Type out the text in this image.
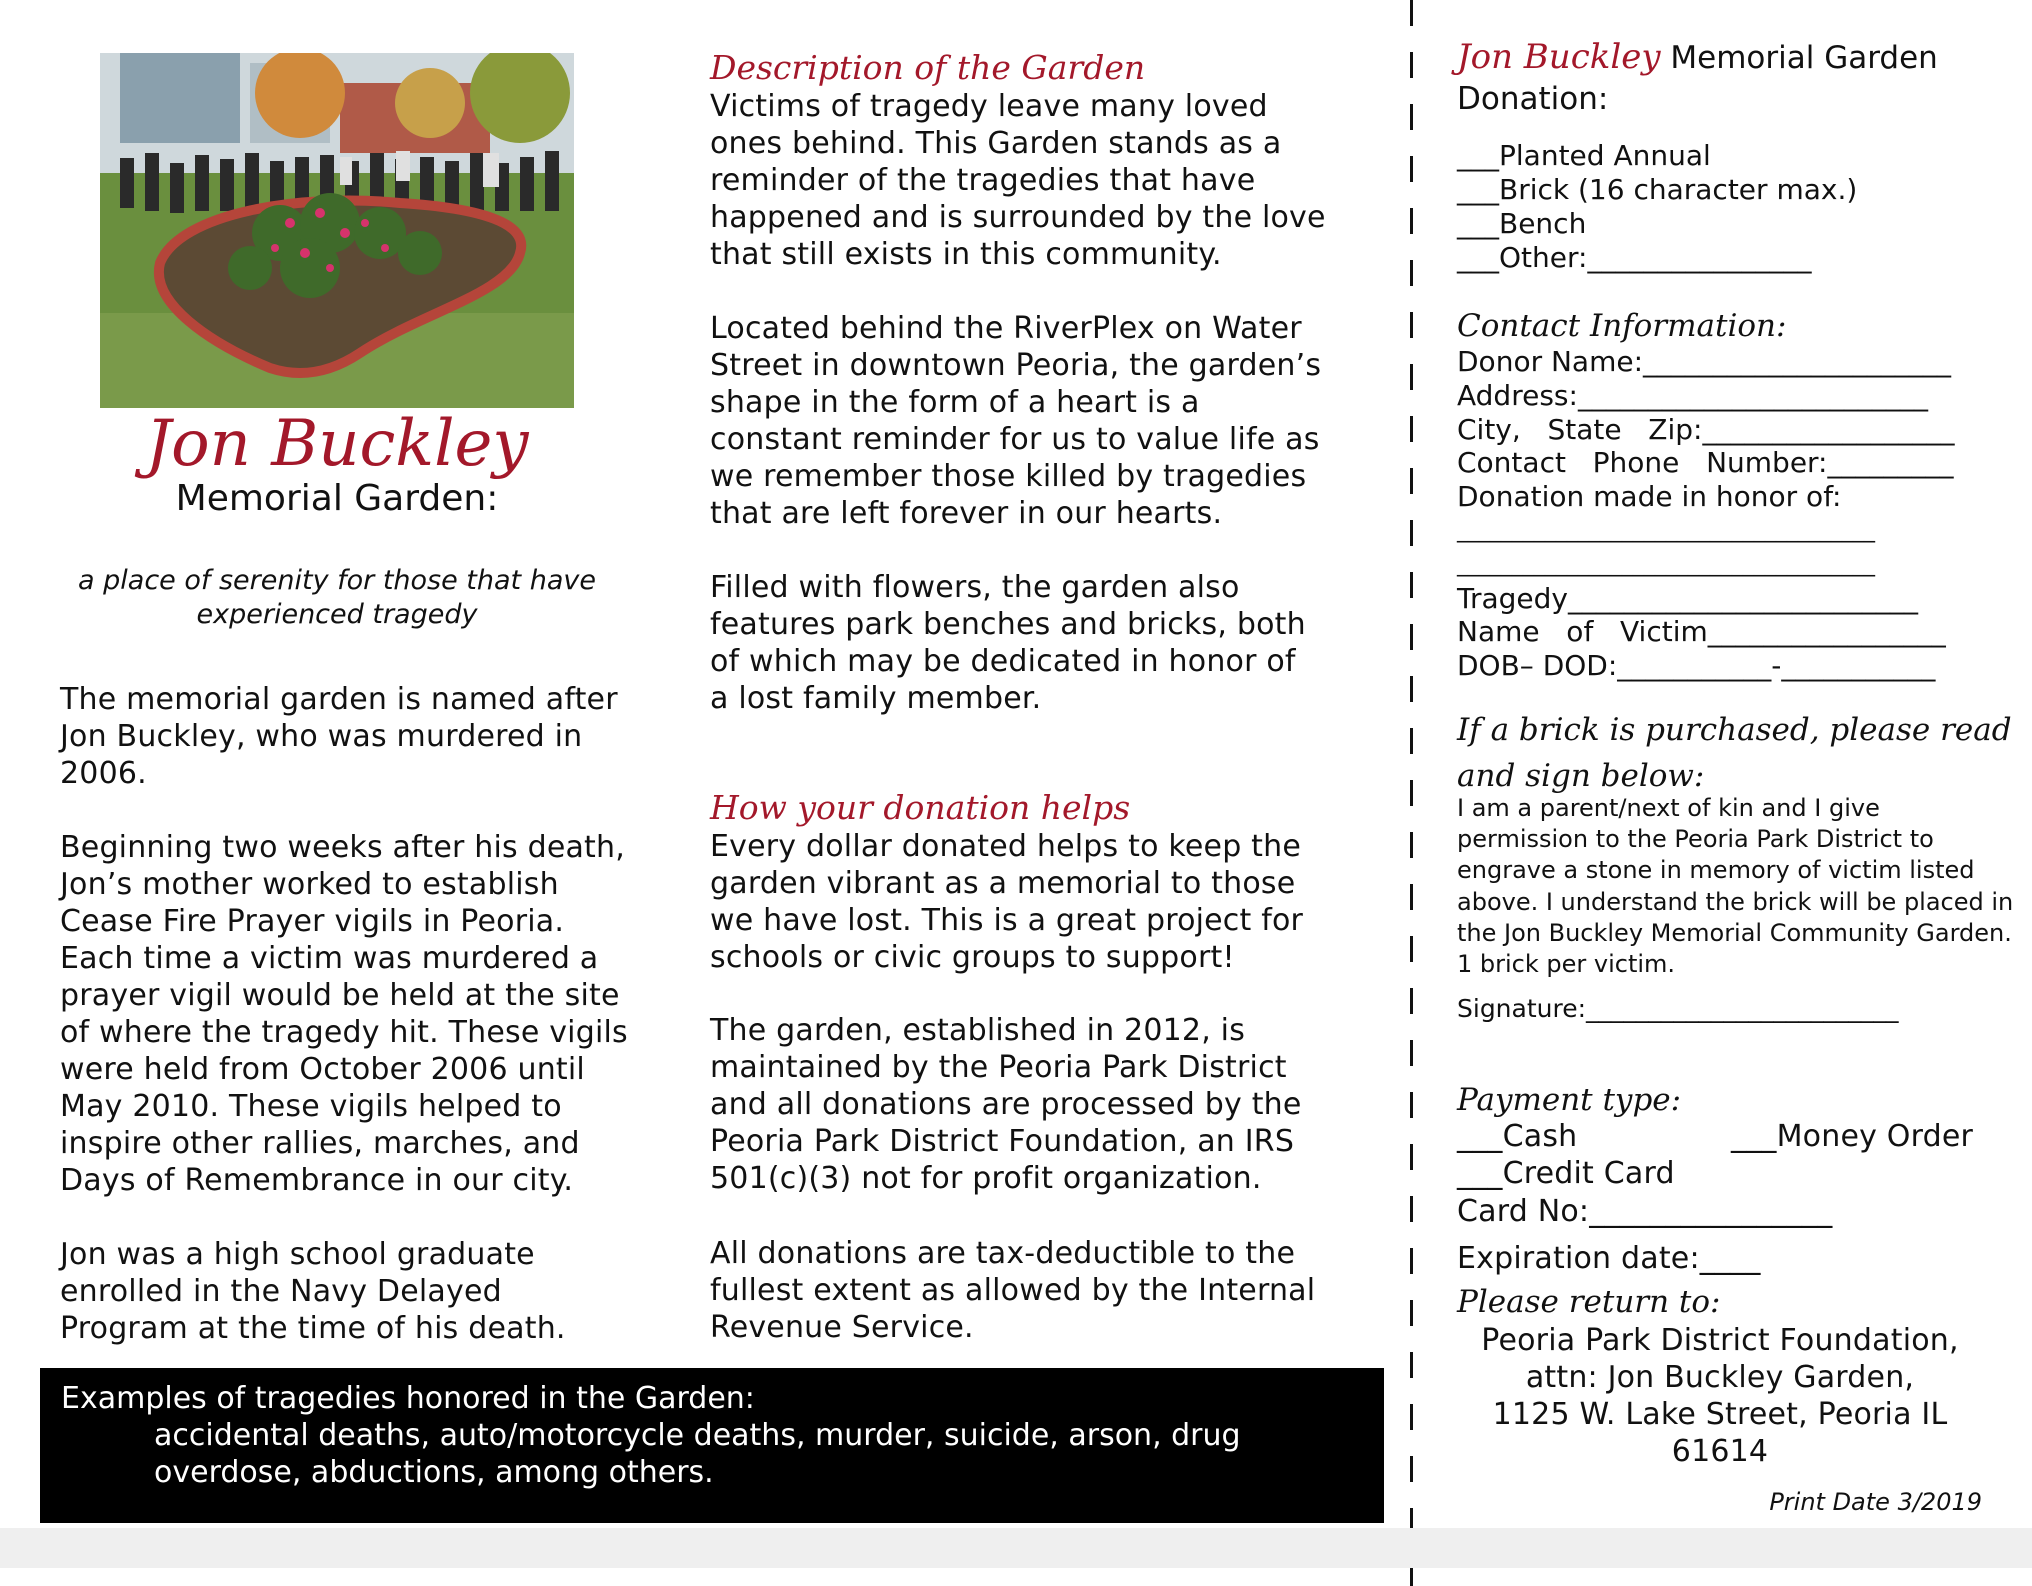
Jon Buckley
Memorial Garden:
a place of serenity for those that have
experienced tragedy
The memorial garden is named after
Jon Buckley, who was murdered in
2006.
Beginning two weeks after his death,
Jon’s mother worked to establish
Cease Fire Prayer vigils in Peoria.
Each time a victim was murdered a
prayer vigil would be held at the site
of where the tragedy hit. These vigils
were held from October 2006 until
May 2010. These vigils helped to
inspire other rallies, marches, and
Days of Remembrance in our city.
Jon was a high school graduate
enrolled in the Navy Delayed
Program at the time of his death.
Description of the Garden
Victims of tragedy leave many loved
ones behind. This Garden stands as a
reminder of the tragedies that have
happened and is surrounded by the love
that still exists in this community.
Located behind the RiverPlex on Water
Street in downtown Peoria, the garden’s
shape in the form of a heart is a
constant reminder for us to value life as
we remember those killed by tragedies
that are left forever in our hearts.
Filled with flowers, the garden also
features park benches and bricks, both
of which may be dedicated in honor of
a lost family member.
How your donation helps
Every dollar donated helps to keep the
garden vibrant as a memorial to those
we have lost. This is a great project for
schools or civic groups to support!
The garden, established in 2012, is
maintained by the Peoria Park District
and all donations are processed by the
Peoria Park District Foundation, an IRS
501(c)(3) not for profit organization.
All donations are tax-deductible to the
fullest extent as allowed by the Internal
Revenue Service.
Examples of tragedies honored in the Garden:
accidental deaths, auto/motorcycle deaths, murder, suicide, arson, drug
overdose, abductions, among others.
Jon Buckley Memorial Garden
Donation:
___Planted Annual
___Brick (16 character max.)
___Bench
___Other:________________
Contact Information:
Donor Name:______________________
Address:_________________________
City,   State   Zip:__________________
Contact   Phone   Number:_________
Donation made in honor of:
______________________________________
______________________________________
Tragedy_________________________
Name   of   Victim_________________
DOB– DOD:___________-___________
If a brick is purchased, please read and sign below:
I am a parent/next of kin and I give permission to the Peoria Park District to engrave a stone in memory of victim listed above. I understand the brick will be placed in the Jon Buckley Memorial Community Garden. 1 brick per victim.
Signature:_________________________
Payment type:
___Cash	___Money Order
___Credit Card
Card No:________________
Expiration date:____
Please return to:
Peoria Park District Foundation,
attn: Jon Buckley Garden,
1125 W. Lake Street, Peoria IL 61614
Print Date 3/2019
